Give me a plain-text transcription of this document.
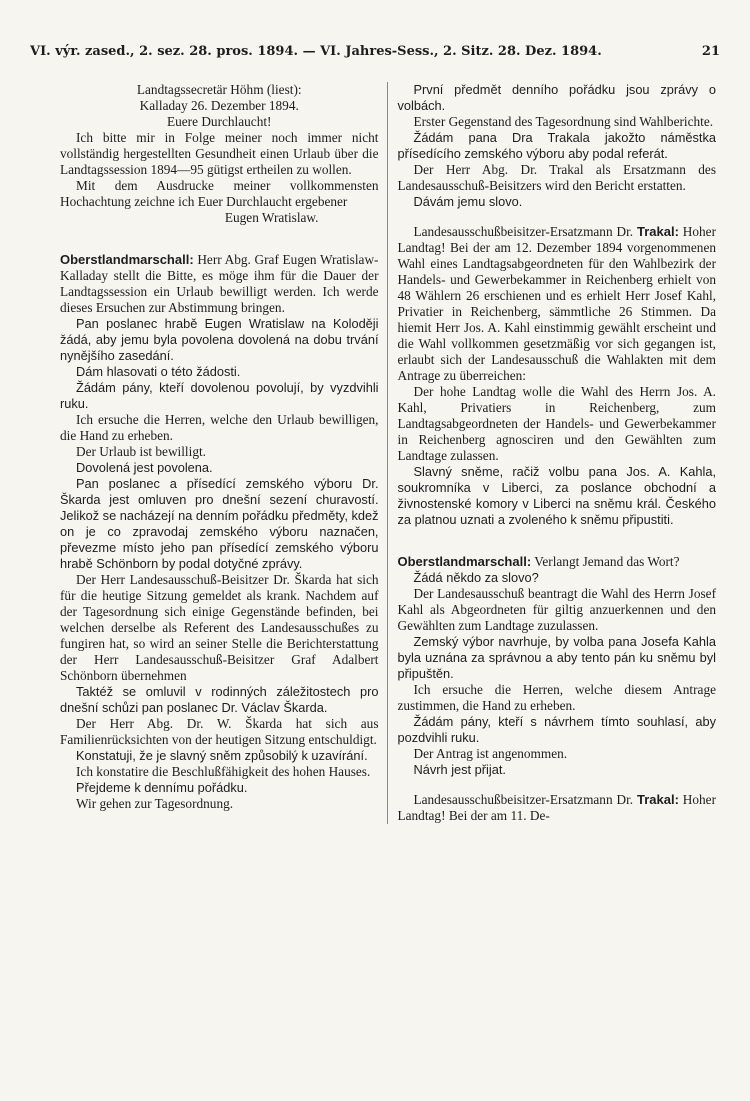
VI. výr. zased., 2. sez. 28. pros. 1894. — VI. Jahres-Sess., 2. Sitz. 28. Dez. 1894.	21

Landtagssecretär Höhm (liest):

Kalladay 26. Dezember 1894.

Euere Durchlaucht!

Ich bitte mir in Folge meiner noch immer nicht vollständig hergestellten Gesundheit einen Urlaub über die Landtagssession 1894—95 gütigst ertheilen zu wollen.

Mit dem Ausdrucke meiner vollkommensten Hochachtung zeichne ich Euer Durchlaucht ergebener

Eugen Wratislaw.

Oberstlandmarschall: Herr Abg. Graf Eugen Wratislaw-Kalladay stellt die Bitte, es möge ihm für die Dauer der Landtagssession ein Urlaub bewilligt werden. Ich werde dieses Ersuchen zur Abstimmung bringen.

Pan poslanec hrabě Eugen Wratislaw na Koloději žádá, aby jemu byla povolena dovolená na dobu trvání nynějšího zasedání.

Dám hlasovati o této žádosti.

Žádám pány, kteří dovolenou povolují, by vyzdvihli ruku.

Ich ersuche die Herren, welche den Urlaub bewilligen, die Hand zu erheben.

Der Urlaub ist bewilligt.

Dovolená jest povolena.

Pan poslanec a přísedící zemského výboru Dr. Škarda jest omluven pro dnešní sezení churavostí. Jelikož se nacházejí na denním pořádku předměty, kdež on je co zpravodaj zemského výboru naznačen, převezme místo jeho pan přísedící zemského výboru hrabě Schönborn by podal dotyčné zprávy.

Der Herr Landesausschuß-Beisitzer Dr. Škarda hat sich für die heutige Sitzung gemeldet als krank. Nachdem auf der Tagesordnung sich einige Gegenstände befinden, bei welchen derselbe als Referent des Landesausschußes zu fungiren hat, so wird an seiner Stelle die Berichterstattung der Herr Landesausschuß-Beisitzer Graf Adalbert Schönborn übernehmen

Taktéž se omluvil v rodinných záležitostech pro dnešní schůzi pan poslanec Dr. Václav Škarda.

Der Herr Abg. Dr. W. Škarda hat sich aus Familienrücksichten von der heutigen Sitzung entschuldigt.

Konstatuji, že je slavný sněm způsobilý k uzavírání.

Ich konstatire die Beschlußfähigkeit des hohen Hauses.

Přejdeme k dennímu pořádku.

Wir gehen zur Tagesordnung.

První předmět denního pořádku jsou zprávy o volbách.

Erster Gegenstand des Tagesordnung sind Wahlberichte.

Žádám pana Dra Trakala jakožto náměstka přísedícího zemského výboru aby podal referát.

Der Herr Abg. Dr. Trakal als Ersatzmann des Landesausschuß-Beisitzers wird den Bericht erstatten.

Dávám jemu slovo.

Landesausschußbeisitzer-Ersatzmann Dr. Trakal: Hoher Landtag! Bei der am 12. Dezember 1894 vorgenommenen Wahl eines Landtagsabgeordneten für den Wahlbezirk der Handels- und Gewerbekammer in Reichenberg erhielt von 48 Wählern 26 erschienen und es erhielt Herr Josef Kahl, Privatier in Reichenberg, sämmtliche 26 Stimmen. Da hiemit Herr Jos. A. Kahl einstimmig gewählt erscheint und die Wahl vollkommen gesetzmäßig vor sich gegangen ist, erlaubt sich der Landesausschuß die Wahlakten mit dem Antrage zu überreichen:

Der hohe Landtag wolle die Wahl des Herrn Jos. A. Kahl, Privatiers in Reichenberg, zum Landtagsabgeordneten der Handels- und Gewerbekammer in Reichenberg agnosciren und den Gewählten zum Landtage zulassen.

Slavný sněme, račiž volbu pana Jos. A. Kahla, soukromníka v Liberci, za poslance obchodní a živnostenské komory v Liberci na sněmu král. Českého za platnou uznati a zvoleného k sněmu připustiti.

Oberstlandmarschall: Verlangt Jemand das Wort?

Žádá někdo za slovo?

Der Landesausschuß beantragt die Wahl des Herrn Josef Kahl als Abgeordneten für giltig anzuerkennen und den Gewählten zum Landtage zuzulassen.

Zemský výbor navrhuje, by volba pana Josefa Kahla byla uznána za správnou a aby tento pán ku sněmu byl připuštěn.

Ich ersuche die Herren, welche diesem Antrage zustimmen, die Hand zu erheben.

Žádám pány, kteří s návrhem tímto souhlasí, aby pozdvihli ruku.

Der Antrag ist angenommen.

Návrh jest přijat.

Landesausschußbeisitzer-Ersatzmann Dr. Trakal: Hoher Landtag! Bei der am 11. De-
